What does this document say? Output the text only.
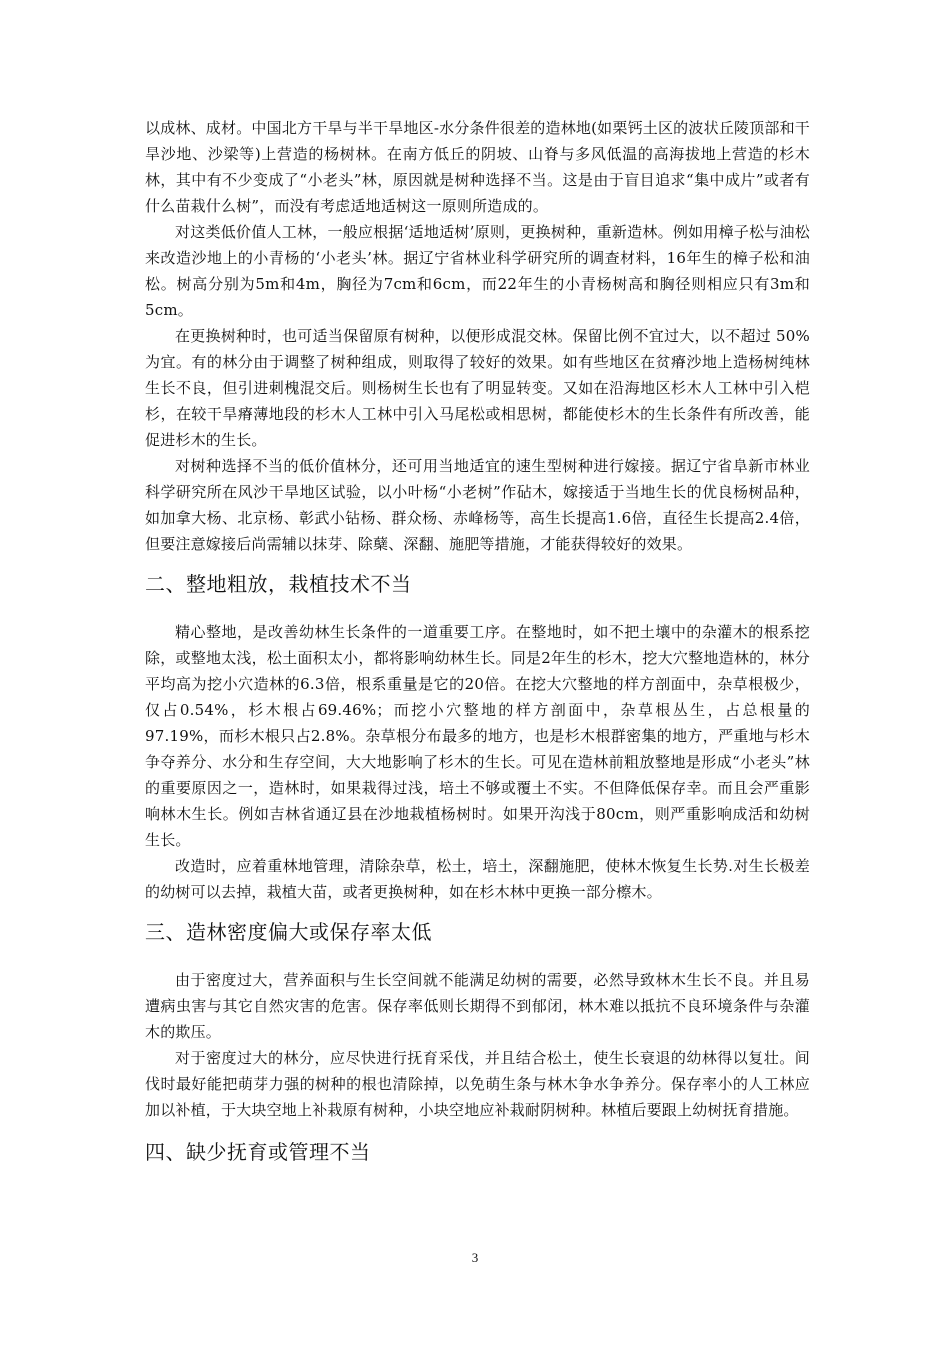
以成林、成材。中国北方干旱与半干旱地区-水分条件很差的造林地(如栗钙土区的波状丘陵顶部和干旱沙地、沙梁等)上营造的杨树林。在南方低丘的阴坡、山脊与多风低温的高海拔地上营造的杉木林，其中有不少变成了“小老头”林，原因就是树种选择不当。这是由于盲目追求“集中成片”或者有什么苗栽什么树”，而没有考虑适地适树这一原则所造成的。

对这类低价值人工林，一般应根据‘适地适树’原则，更换树种，重新造林。例如用樟子松与油松来改造沙地上的小青杨的‘小老头’林。据辽宁省林业科学研究所的调查材料，16年生的樟子松和油松。树高分别为5m和4m，胸径为7cm和6cm，而22年生的小青杨树高和胸径则相应只有3m和5cm。

在更换树种时，也可适当保留原有树种，以便形成混交林。保留比例不宜过大，以不超过 50%为宜。有的林分由于调整了树种组成，则取得了较好的效果。如有些地区在贫瘠沙地上造杨树纯林生长不良，但引进刺槐混交后。则杨树生长也有了明显转变。又如在沿海地区杉木人工林中引入桤杉，在较干旱瘠薄地段的杉木人工林中引入马尾松或相思树，都能使杉木的生长条件有所改善，能促进杉木的生长。

对树种选择不当的低价值林分，还可用当地适宜的速生型树种进行嫁接。据辽宁省阜新市林业科学研究所在风沙干旱地区试验，以小叶杨“小老树”作砧木，嫁接适于当地生长的优良杨树品种，如加拿大杨、北京杨、彰武小钻杨、群众杨、赤峰杨等，高生长提高1.6倍，直径生长提高2.4倍，但要注意嫁接后尚需辅以抹芽、除蘖、深翻、施肥等措施，才能获得较好的效果。

二、整地粗放，栽植技术不当

精心整地，是改善幼林生长条件的一道重要工序。在整地时，如不把土壤中的杂灌木的根系挖除，或整地太浅，松土面积太小，都将影响幼林生长。同是2年生的杉木，挖大穴整地造林的，林分平均高为挖小穴造林的6.3倍，根系重量是它的20倍。在挖大穴整地的样方剖面中，杂草根极少，仅占0.54%，杉木根占69.46%；而挖小穴整地的样方剖面中，杂草根丛生，占总根量的97.19%，而杉木根只占2.8%。杂草根分布最多的地方，也是杉木根群密集的地方，严重地与杉木争夺养分、水分和生存空间，大大地影响了杉木的生长。可见在造林前粗放整地是形成“小老头”林的重要原因之一，造林时，如果栽得过浅，培土不够或覆土不实。不但降低保存幸。而且会严重影响林木生长。例如吉林省通辽县在沙地栽植杨树时。如果开沟浅于80cm，则严重影响成活和幼树生长。

改造时，应着重林地管理，清除杂草，松土，培土，深翻施肥，使林木恢复生长势.对生长极差的幼树可以去掉，栽植大苗，或者更换树种，如在杉木林中更换一部分檫木。

三、造林密度偏大或保存率太低

由于密度过大，营养面积与生长空间就不能满足幼树的需要，必然导致林木生长不良。并且易遭病虫害与其它自然灾害的危害。保存率低则长期得不到郁闭，林木难以抵抗不良环境条件与杂灌木的欺压。

对于密度过大的林分，应尽快进行抚育采伐，并且结合松土，使生长衰退的幼林得以复壮。间伐时最好能把萌芽力强的树种的根也清除掉，以免萌生条与林木争水争养分。保存率小的人工林应加以补植，于大块空地上补栽原有树种，小块空地应补栽耐阴树种。林植后要跟上幼树抚育措施。

四、缺少抚育或管理不当
3
